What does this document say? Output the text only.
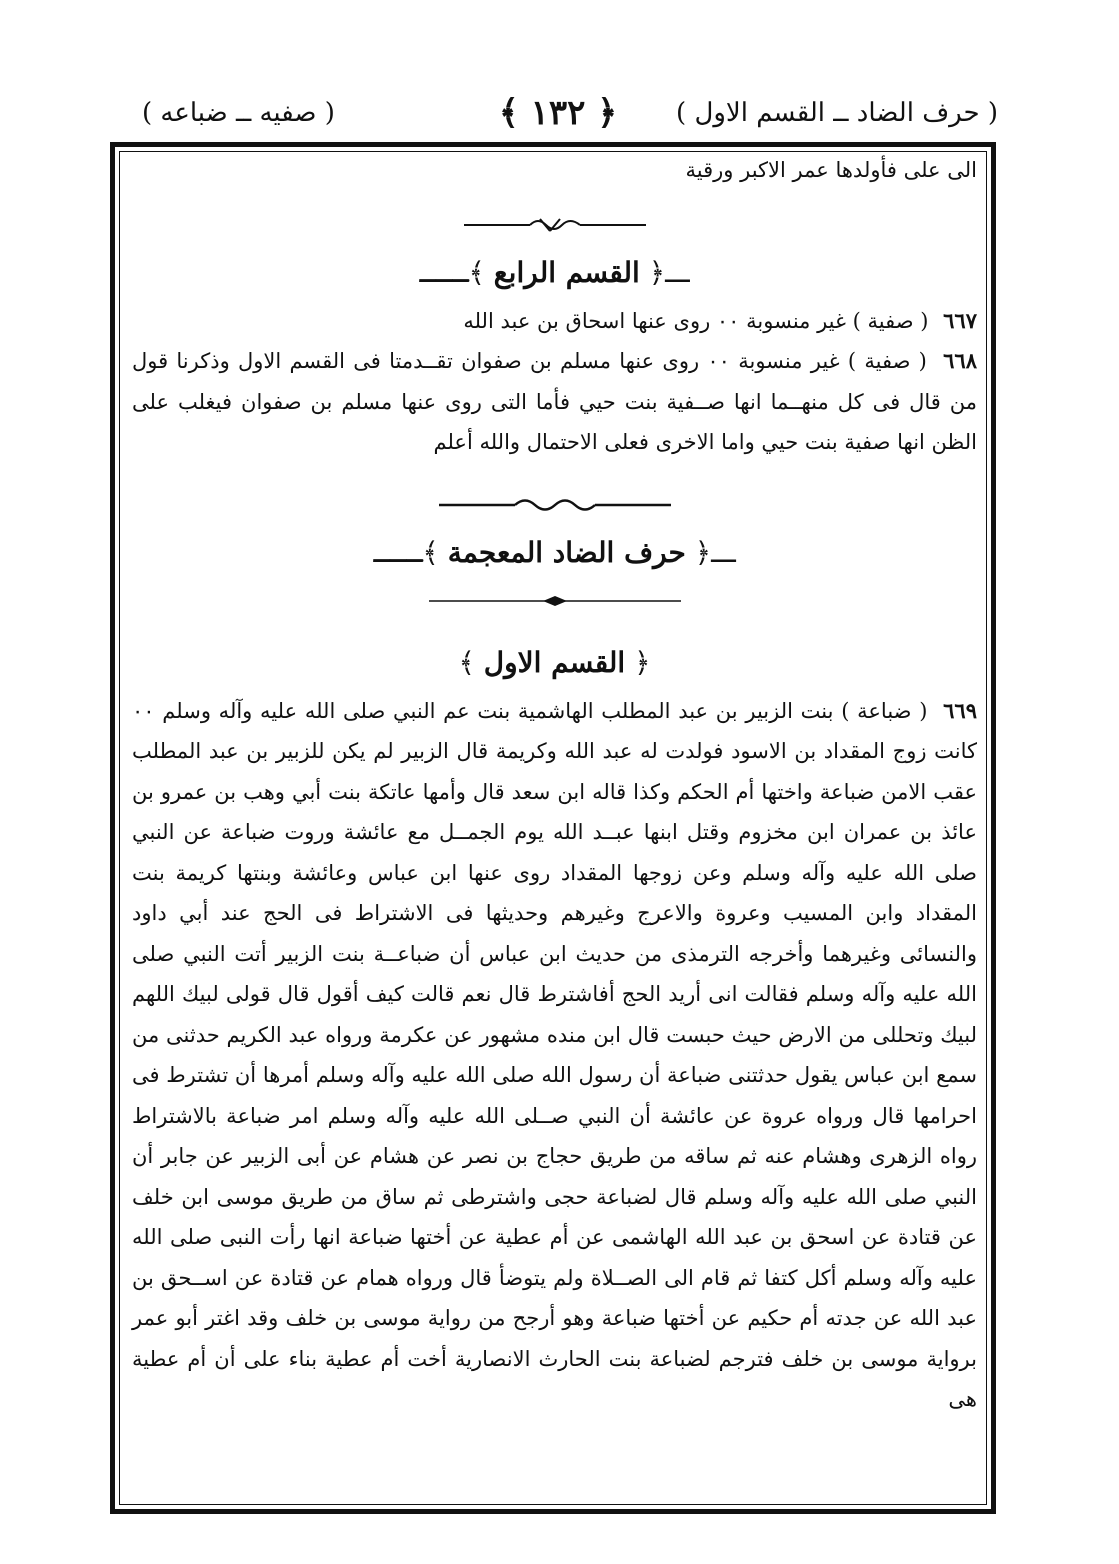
( حرف الضاد ــ القسم الاول )
﴿ ١٣٢ ﴾
( صفيه ــ ضباعه )

الى على فأولدها عمر الاكبر ورقية

ـــ﴿ القسم الرابع ﴾ـــ

٦٦٧ ( صفية ) غير منسوبة ٠٠ روى عنها اسحاق بن عبد الله

٦٦٨ ( صفية ) غير منسوبة ٠٠ روى عنها مسلم بن صفوان تقــدمتا فى القسم الاول وذكرنا قول من قال فى كل منهــما انها صــفية بنت حيي فأما التى روى عنها مسلم بن صفوان فيغلب على الظن انها صفية بنت حيي واما الاخرى فعلى الاحتمال والله أعلم

ـــ﴿ حرف الضاد المعجمة ﴾ـــ
﴿ القسم الاول ﴾

٦٦٩ ( ضباعة ) بنت الزبير بن عبد المطلب الهاشمية بنت عم النبي صلى الله عليه وآله وسلم ٠٠ كانت زوج المقداد بن الاسود فولدت له عبد الله وكريمة قال الزبير لم يكن للزبير بن عبد المطلب عقب الامن ضباعة واختها أم الحكم وكذا قاله ابن سعد قال وأمها عاتكة بنت أبي وهب بن عمرو بن عائذ بن عمران ابن مخزوم وقتل ابنها عبــد الله يوم الجمــل مع عائشة وروت ضباعة عن النبي صلى الله عليه وآله وسلم وعن زوجها المقداد روى عنها ابن عباس وعائشة وبنتها كريمة بنت المقداد وابن المسيب وعروة والاعرج وغيرهم وحديثها فى الاشتراط فى الحج عند أبي داود والنسائى وغيرهما وأخرجه الترمذى من حديث ابن عباس أن ضباعــة بنت الزبير أتت النبي صلى الله عليه وآله وسلم فقالت انى أريد الحج أفاشترط قال نعم قالت كيف أقول قال قولى لبيك اللهم لبيك وتحللى من الارض حيث حبست قال ابن منده مشهور عن عكرمة ورواه عبد الكريم حدثنى من سمع ابن عباس يقول حدثتنى ضباعة أن رسول الله صلى الله عليه وآله وسلم أمرها أن تشترط فى احرامها قال ورواه عروة عن عائشة أن النبي صــلى الله عليه وآله وسلم امر ضباعة بالاشتراط رواه الزهرى وهشام عنه ثم ساقه من طريق حجاج بن نصر عن هشام عن أبى الزبير عن جابر أن النبي صلى الله عليه وآله وسلم قال لضباعة حجى واشترطى ثم ساق من طريق موسى ابن خلف عن قتادة عن اسحق بن عبد الله الهاشمى عن أم عطية عن أختها ضباعة انها رأت النبى صلى الله عليه وآله وسلم أكل كتفا ثم قام الى الصــلاة ولم يتوضأ قال ورواه همام عن قتادة عن اســحق بن عبد الله عن جدته أم حكيم عن أختها ضباعة وهو أرجح من رواية موسى بن خلف وقد اغتر أبو عمر برواية موسى بن خلف فترجم لضباعة بنت الحارث الانصارية أخت أم عطية بناء على أن أم عطية هى
